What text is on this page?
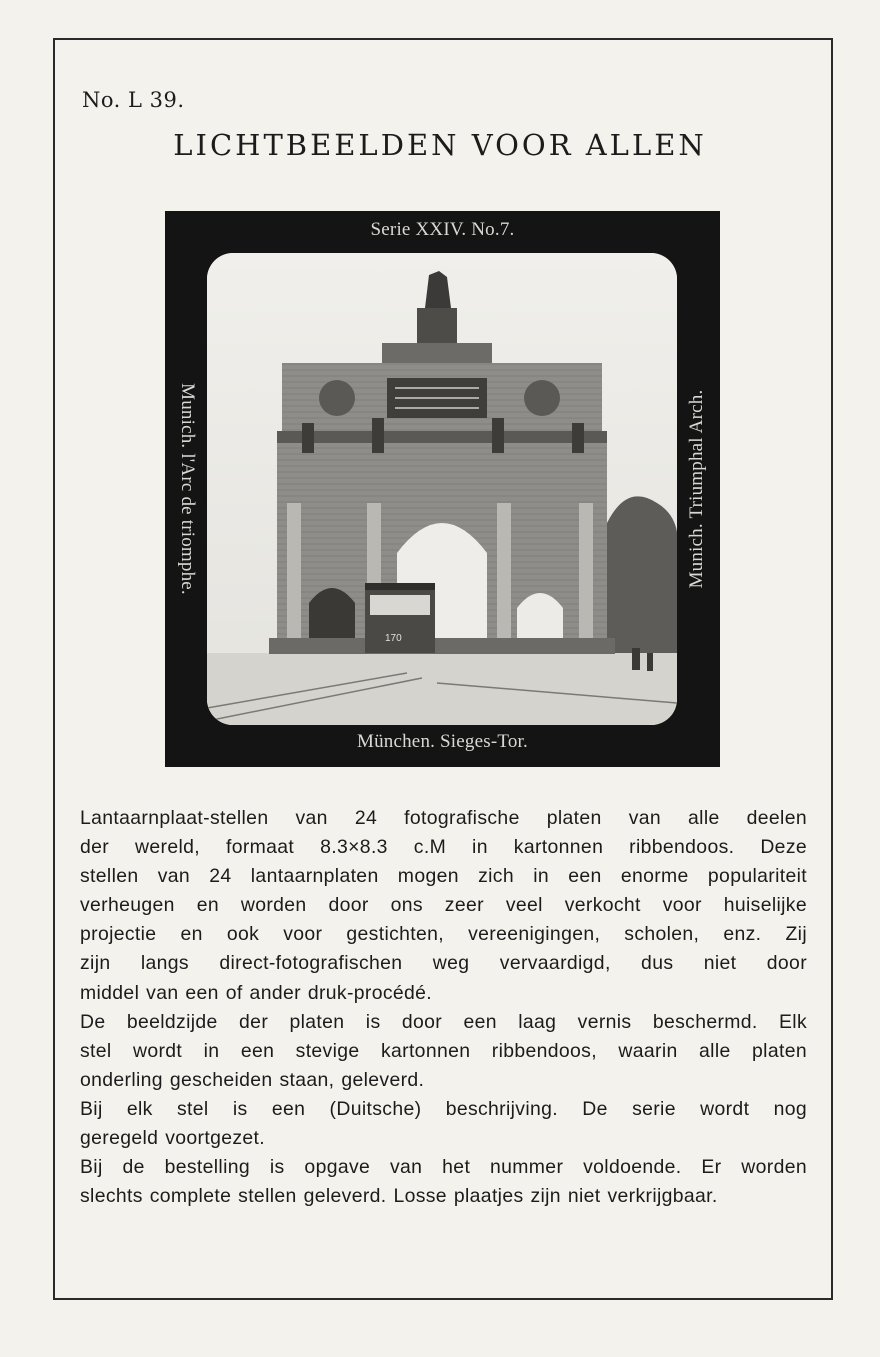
No. L 39.
LICHTBEELDEN VOOR ALLEN
Serie XXIV. No.7.
170
Munich. l'Arc de triomphe.	Munich. Triumphal Arch.
München. Sieges-Tor.

Lantaarnplaat-stellen van 24 fotografische platen van alle deelen

der wereld, formaat 8.3×8.3 c.M in kartonnen ribbendoos. Deze

stellen van 24 lantaarnplaten mogen zich in een enorme populariteit

verheugen en worden door ons zeer veel verkocht voor huiselijke

projectie en ook voor gestichten, vereenigingen, scholen, enz. Zij

zijn langs direct-fotografischen weg vervaardigd, dus niet door

middel van een of ander druk-procédé.

De beeldzijde der platen is door een laag vernis beschermd. Elk

stel wordt in een stevige kartonnen ribbendoos, waarin alle platen

onderling gescheiden staan, geleverd.

Bij elk stel is een (Duitsche) beschrijving. De serie wordt nog

geregeld voortgezet.

Bij de bestelling is opgave van het nummer voldoende. Er worden

slechts complete stellen geleverd. Losse plaatjes zijn niet verkrijgbaar.
